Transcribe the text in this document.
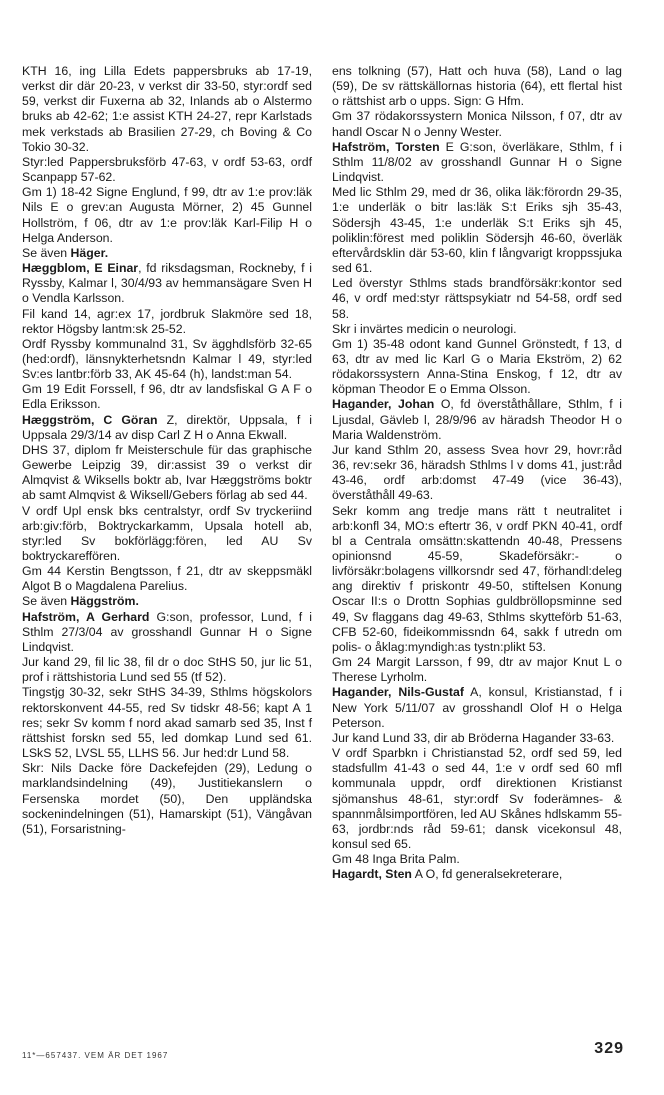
KTH 16, ing Lilla Edets pappersbruks ab 17-19, verkst dir där 20-23, v verkst dir 33-50, styr:ordf sed 59, verkst dir Fuxerna ab 32, Inlands ab o Alstermo bruks ab 42-62; 1:e assist KTH 24-27, repr Karlstads mek verkstads ab Brasilien 27-29, ch Boving & Co Tokio 30-32.

Styr:led Pappersbruksförb 47-63, v ordf 53-63, ordf Scanpapp 57-62.

Gm 1) 18-42 Signe Englund, f 99, dtr av 1:e prov:läk Nils E o grev:an Augusta Mörner, 2) 45 Gunnel Hollström, f 06, dtr av 1:e prov:läk Karl-Filip H o Helga Anderson.

Se även Häger.

Hæggblom, E Einar, fd riksdagsman, Rockneby, f i Ryssby, Kalmar l, 30/4/93 av hemmansägare Sven H o Vendla Karlsson.

Fil kand 14, agr:ex 17, jordbruk Slakmöre sed 18, rektor Högsby lantm:sk 25-52.

Ordf Ryssby kommunalnd 31, Sv ägghdlsförb 32-65 (hed:ordf), länsnykterhetsndn Kalmar l 49, styr:led Sv:es lantbr:förb 33, AK 45-64 (h), landst:man 54.

Gm 19 Edit Forssell, f 96, dtr av landsfiskal G A F o Edla Eriksson.

Hæggström, C Göran Z, direktör, Uppsala, f i Uppsala 29/3/14 av disp Carl Z H o Anna Ekwall.

DHS 37, diplom fr Meisterschule für das graphische Gewerbe Leipzig 39, dir:assist 39 o verkst dir Almqvist & Wiksells boktr ab, Ivar Hæggströms boktr ab samt Almqvist & Wiksell/Gebers förlag ab sed 44.

V ordf Upl ensk bks centralstyr, ordf Sv tryckeriind arb:giv:förb, Boktryckarkamm, Upsala hotell ab, styr:led Sv bokförlägg:fören, led AU Sv boktryckareffören.

Gm 44 Kerstin Bengtsson, f 21, dtr av skeppsmäkl Algot B o Magdalena Parelius.

Se även Häggström.

Hafström, A Gerhard G:son, professor, Lund, f i Sthlm 27/3/04 av grosshandl Gunnar H o Signe Lindqvist.

Jur kand 29, fil lic 38, fil dr o doc StHS 50, jur lic 51, prof i rättshistoria Lund sed 55 (tf 52).

Tingstjg 30-32, sekr StHS 34-39, Sthlms högskolors rektorskonvent 44-55, red Sv tidskr 48-56; kapt A 1 res; sekr Sv komm f nord akad samarb sed 35, Inst f rättshist forskn sed 55, led domkap Lund sed 61. LSkS 52, LVSL 55, LLHS 56. Jur hed:dr Lund 58.

Skr: Nils Dacke före Dackefejden (29), Ledung o marklandsindelning (49), Justitiekanslern o Fersenska mordet (50), Den uppländska sockenindelningen (51), Hamarskipt (51), Vängåvan (51), Forsaristning-

ens tolkning (57), Hatt och huva (58), Land o lag (59), De sv rättskällornas historia (64), ett flertal hist o rättshist arb o upps. Sign: G Hfm.

Gm 37 rödakorssystern Monica Nilsson, f 07, dtr av handl Oscar N o Jenny Wester.

Hafström, Torsten E G:son, överläkare, Sthlm, f i Sthlm 11/8/02 av grosshandl Gunnar H o Signe Lindqvist.

Med lic Sthlm 29, med dr 36, olika läk:förordn 29-35, 1:e underläk o bitr las:läk S:t Eriks sjh 35-43, Södersjh 43-45, 1:e underläk S:t Eriks sjh 45, poliklin:förest med poliklin Södersjh 46-60, överläk eftervårdsklin där 53-60, klin f långvarigt kroppssjuka sed 61.

Led överstyr Sthlms stads brandförsäkr:kontor sed 46, v ordf med:styr rättspsykiatr nd 54-58, ordf sed 58.

Skr i invärtes medicin o neurologi.

Gm 1) 35-48 odont kand Gunnel Grönstedt, f 13, d 63, dtr av med lic Karl G o Maria Ekström, 2) 62 rödakorssystern Anna-Stina Enskog, f 12, dtr av köpman Theodor E o Emma Olsson.

Hagander, Johan O, fd överståthållare, Sthlm, f i Ljusdal, Gävleb l, 28/9/96 av häradsh Theodor H o Maria Waldenström.

Jur kand Sthlm 20, assess Svea hovr 29, hovr:råd 36, rev:sekr 36, häradsh Sthlms l v doms 41, just:råd 43-46, ordf arb:domst 47-49 (vice 36-43), överståthåll 49-63.

Sekr komm ang tredje mans rätt t neutralitet i arb:konfl 34, MO:s eftertr 36, v ordf PKN 40-41, ordf bl a Centrala omsättn:skattendn 40-48, Pressens opinionsnd 45-59, Skadeförsäkr:- o livförsäkr:bolagens villkorsndr sed 47, förhandl:deleg ang direktiv f priskontr 49-50, stiftelsen Konung Oscar II:s o Drottn Sophias guldbröllopsminne sed 49, Sv flaggans dag 49-63, Sthlms skytteförb 51-63, CFB 52-60, fideikommissndn 64, sakk f utredn om polis- o åklag:myndigh:as tystn:plikt 53.

Gm 24 Margit Larsson, f 99, dtr av major Knut L o Therese Lyrholm.

Hagander, Nils-Gustaf A, konsul, Kristianstad, f i New York 5/11/07 av grosshandl Olof H o Helga Peterson.

Jur kand Lund 33, dir ab Bröderna Hagander 33-63.

V ordf Sparbkn i Christianstad 52, ordf sed 59, led stadsfullm 41-43 o sed 44, 1:e v ordf sed 60 mfl kommunala uppdr, ordf direktionen Kristianst sjömanshus 48-61, styr:ordf Sv foderämnes- & spannmålsimportfören, led AU Skånes hdlskamm 55-63, jordbr:nds råd 59-61; dansk vicekonsul 48, konsul sed 65.

Gm 48 Inga Brita Palm.

Hagardt, Sten A O, fd generalsekreterare,

11*—657437. VEM ÄR DET 1967	329
